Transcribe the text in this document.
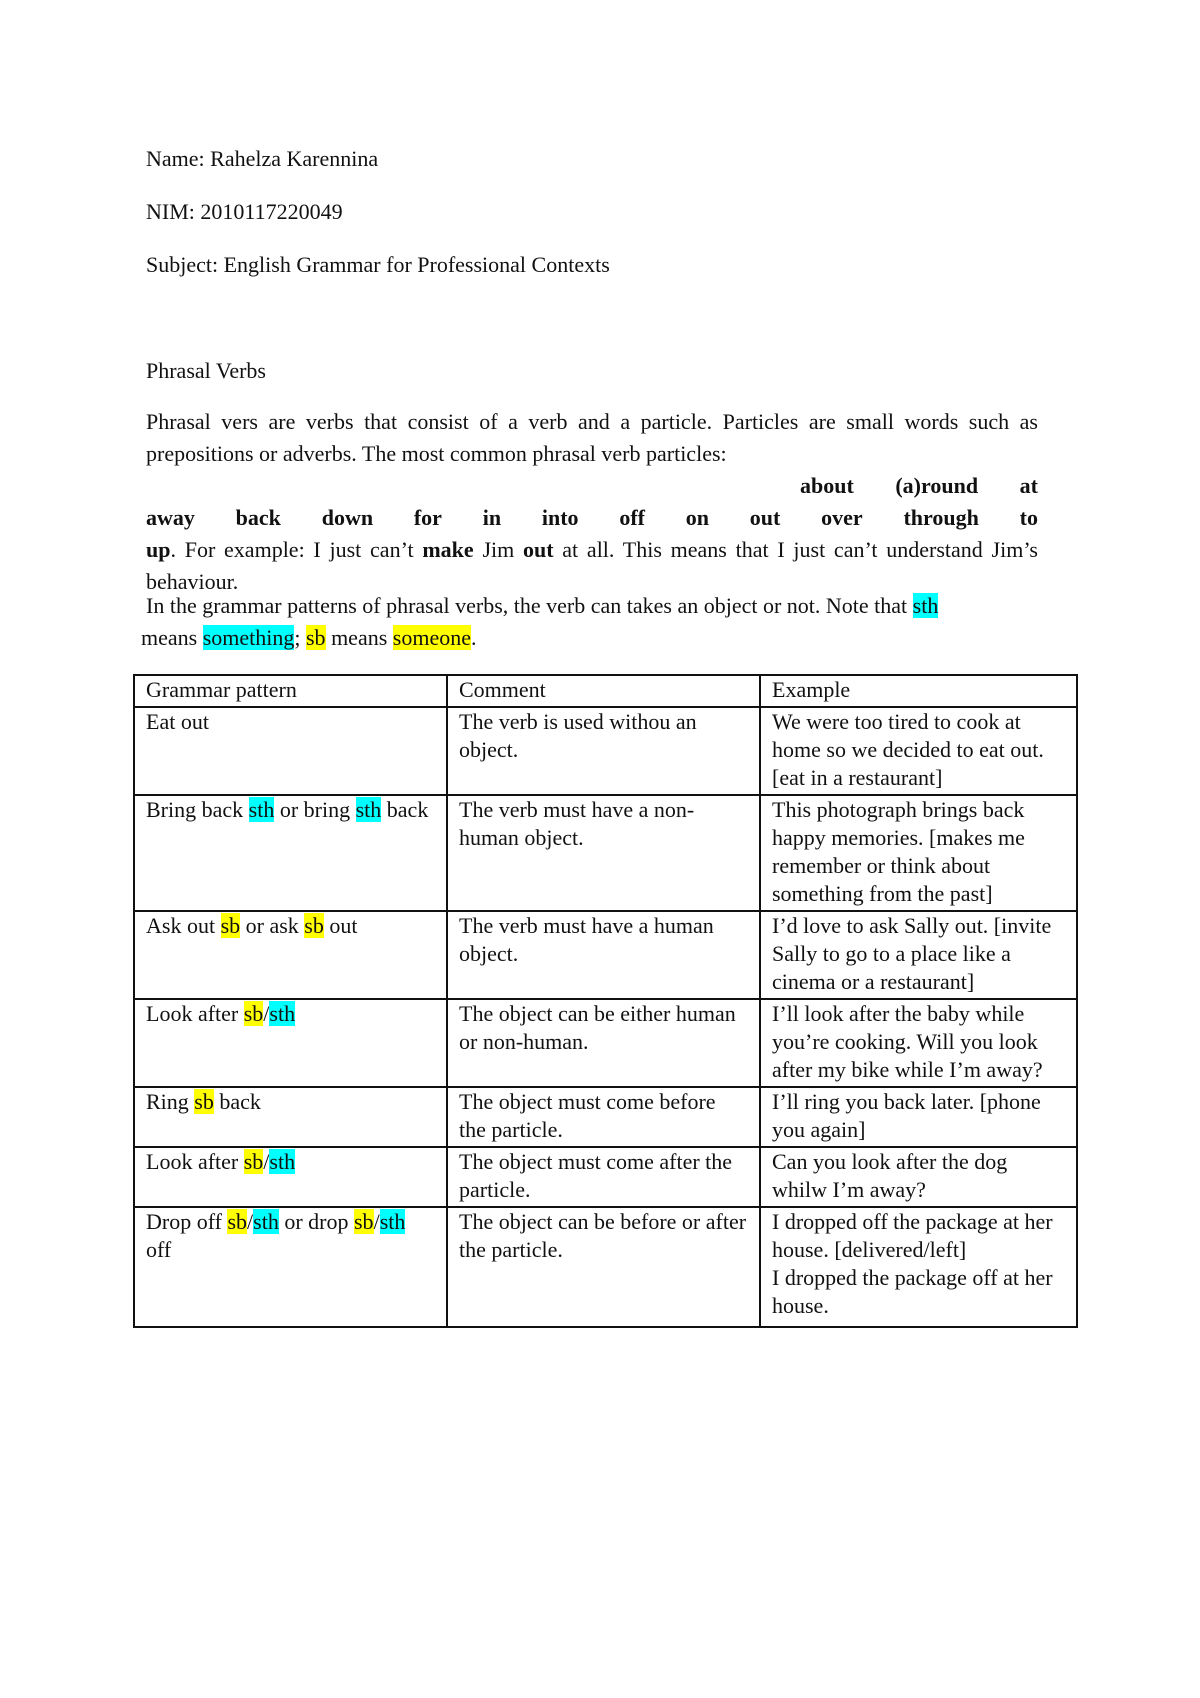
Name: Rahelza Karennina
NIM: 2010117220049
Subject: English Grammar for Professional Contexts
Phrasal Verbs
Phrasal vers are verbs that consist of a verb and a particle. Particles are small words such as prepositions or adverbs. The most common phrasal verb particles:
about (a)round at
away back down for in into off on out over through to
up. For example: I just can’t make Jim out at all. This means that I just can’t understand Jim’s behaviour.
In the grammar patterns of phrasal verbs, the verb can takes an object or not. Note that sth
means something; sb means someone.
Grammar pattern	Comment	Example
Eat out	The verb is used withou an object.	We were too tired to cook at home so we decided to eat out. [eat in a restaurant]

Bring back sth or bring sth back	The verb must have a non-human object.	This photograph brings back happy memories. [makes me remember or think about something from the past]

Ask out sb or ask sb out	The verb must have a human object.	I’d love to ask Sally out. [invite Sally to go to a place like a cinema or a restaurant]

Look after sb/sth	The object can be either human or non-human.	I’ll look after the baby while you’re cooking. Will you look after my bike while I’m away?

Ring sb back	The object must come before the particle.	I’ll ring you back later. [phone you again]

Look after sb/sth	The object must come after the particle.	Can you look after the dog whilw I’m away?

Drop off sb/sth or drop sb/sth off	The object can be before or after the particle.	I dropped off the package at her house. [delivered/left]
I dropped the package off at her house.
